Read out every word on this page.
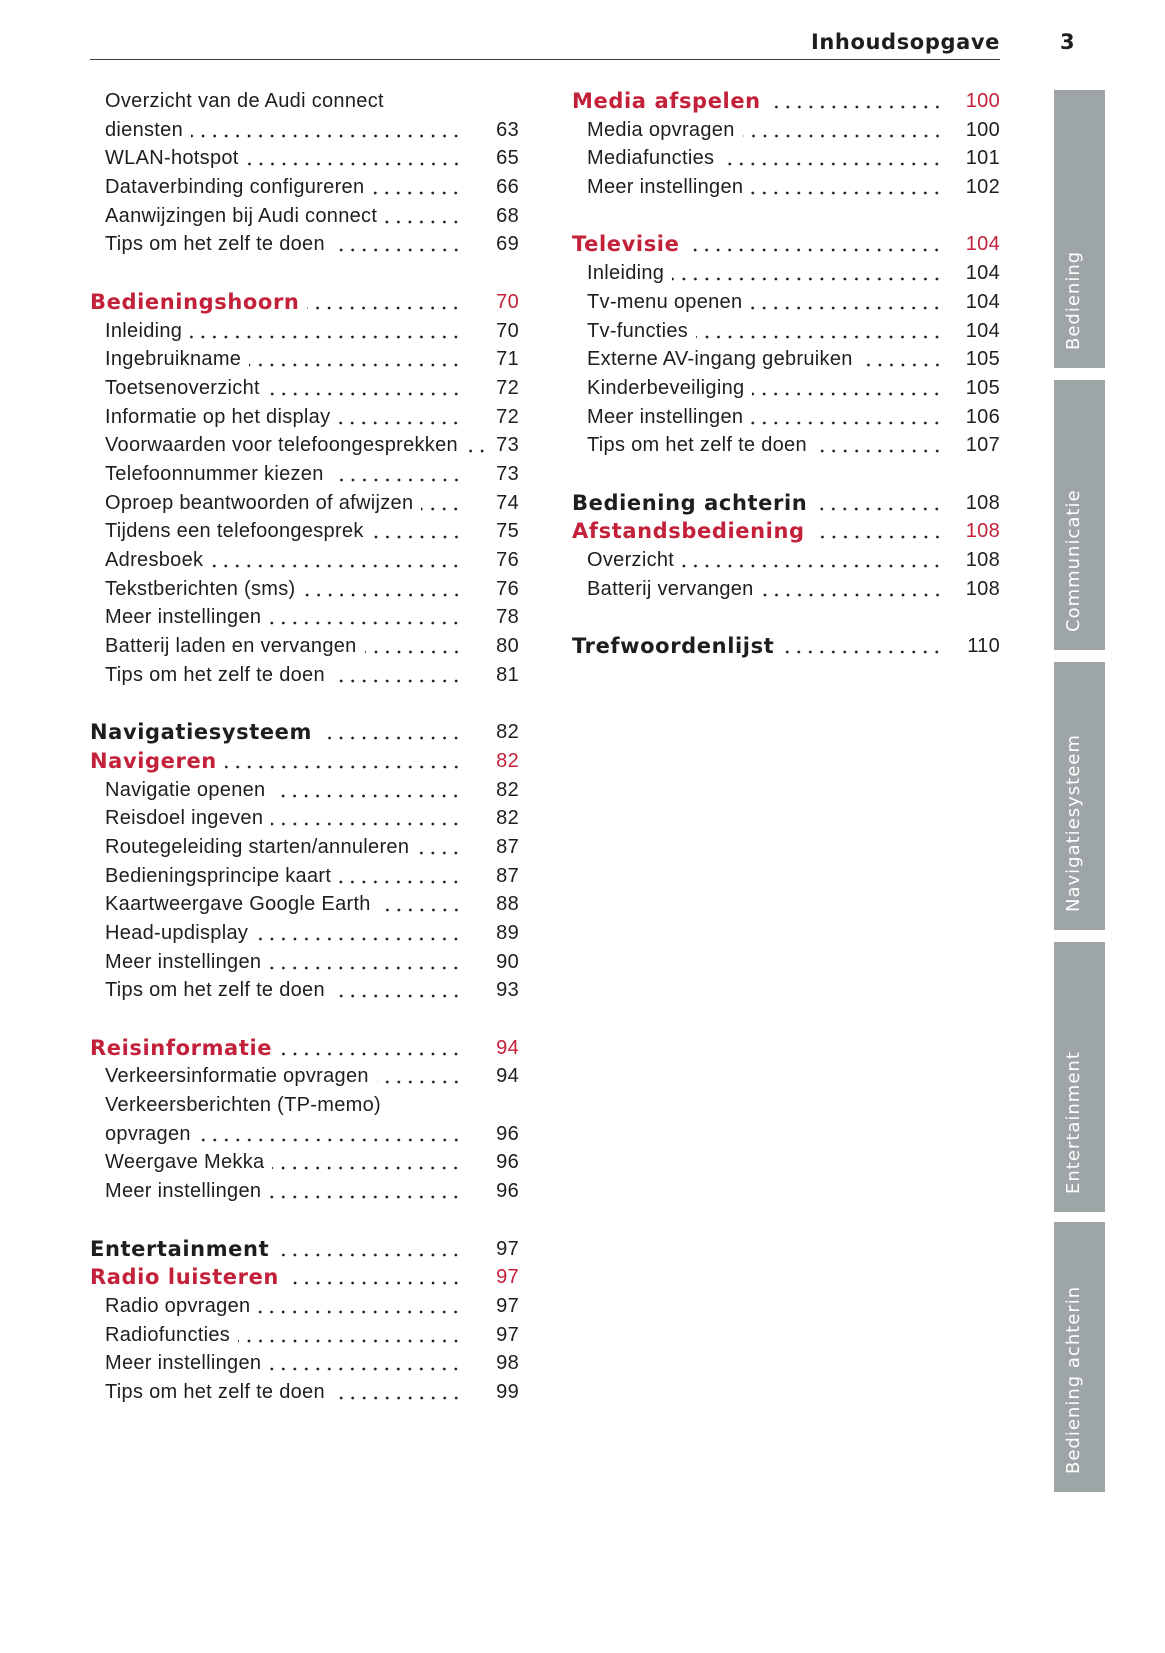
Inhoudsopgave	3
Overzicht van de Audi connect
diensten	63
WLAN-hotspot	65
Dataverbinding configureren	66
Aanwijzingen bij Audi connect	68
Tips om het zelf te doen	69
Bedieningshoorn	70
Inleiding	70
Ingebruikname	71
Toetsenoverzicht	72
Informatie op het display	72
Voorwaarden voor telefoongesprekken	73
Telefoonnummer kiezen	73
Oproep beantwoorden of afwijzen	74
Tijdens een telefoongesprek	75
Adresboek	76
Tekstberichten (sms)	76
Meer instellingen	78
Batterij laden en vervangen	80
Tips om het zelf te doen	81
Navigatiesysteem	82
Navigeren	82
Navigatie openen	82
Reisdoel ingeven	82
Routegeleiding starten/annuleren	87
Bedieningsprincipe kaart	87
Kaartweergave Google Earth	88
Head-updisplay	89
Meer instellingen	90
Tips om het zelf te doen	93
Reisinformatie	94
Verkeersinformatie opvragen	94
Verkeersberichten (TP-memo)
opvragen	96
Weergave Mekka	96
Meer instellingen	96
Entertainment	97
Radio luisteren	97
Radio opvragen	97
Radiofuncties	97
Meer instellingen	98
Tips om het zelf te doen	99
Media afspelen	100
Media opvragen	100
Mediafuncties	101
Meer instellingen	102
Televisie	104
Inleiding	104
Tv-menu openen	104
Tv-functies	104
Externe AV-ingang gebruiken	105
Kinderbeveiliging	105
Meer instellingen	106
Tips om het zelf te doen	107
Bediening achterin	108
Afstandsbediening	108
Overzicht	108
Batterij vervangen	108
Trefwoordenlijst	110
Bediening
Communicatie
Navigatiesysteem
Entertainment
Bediening achterin
